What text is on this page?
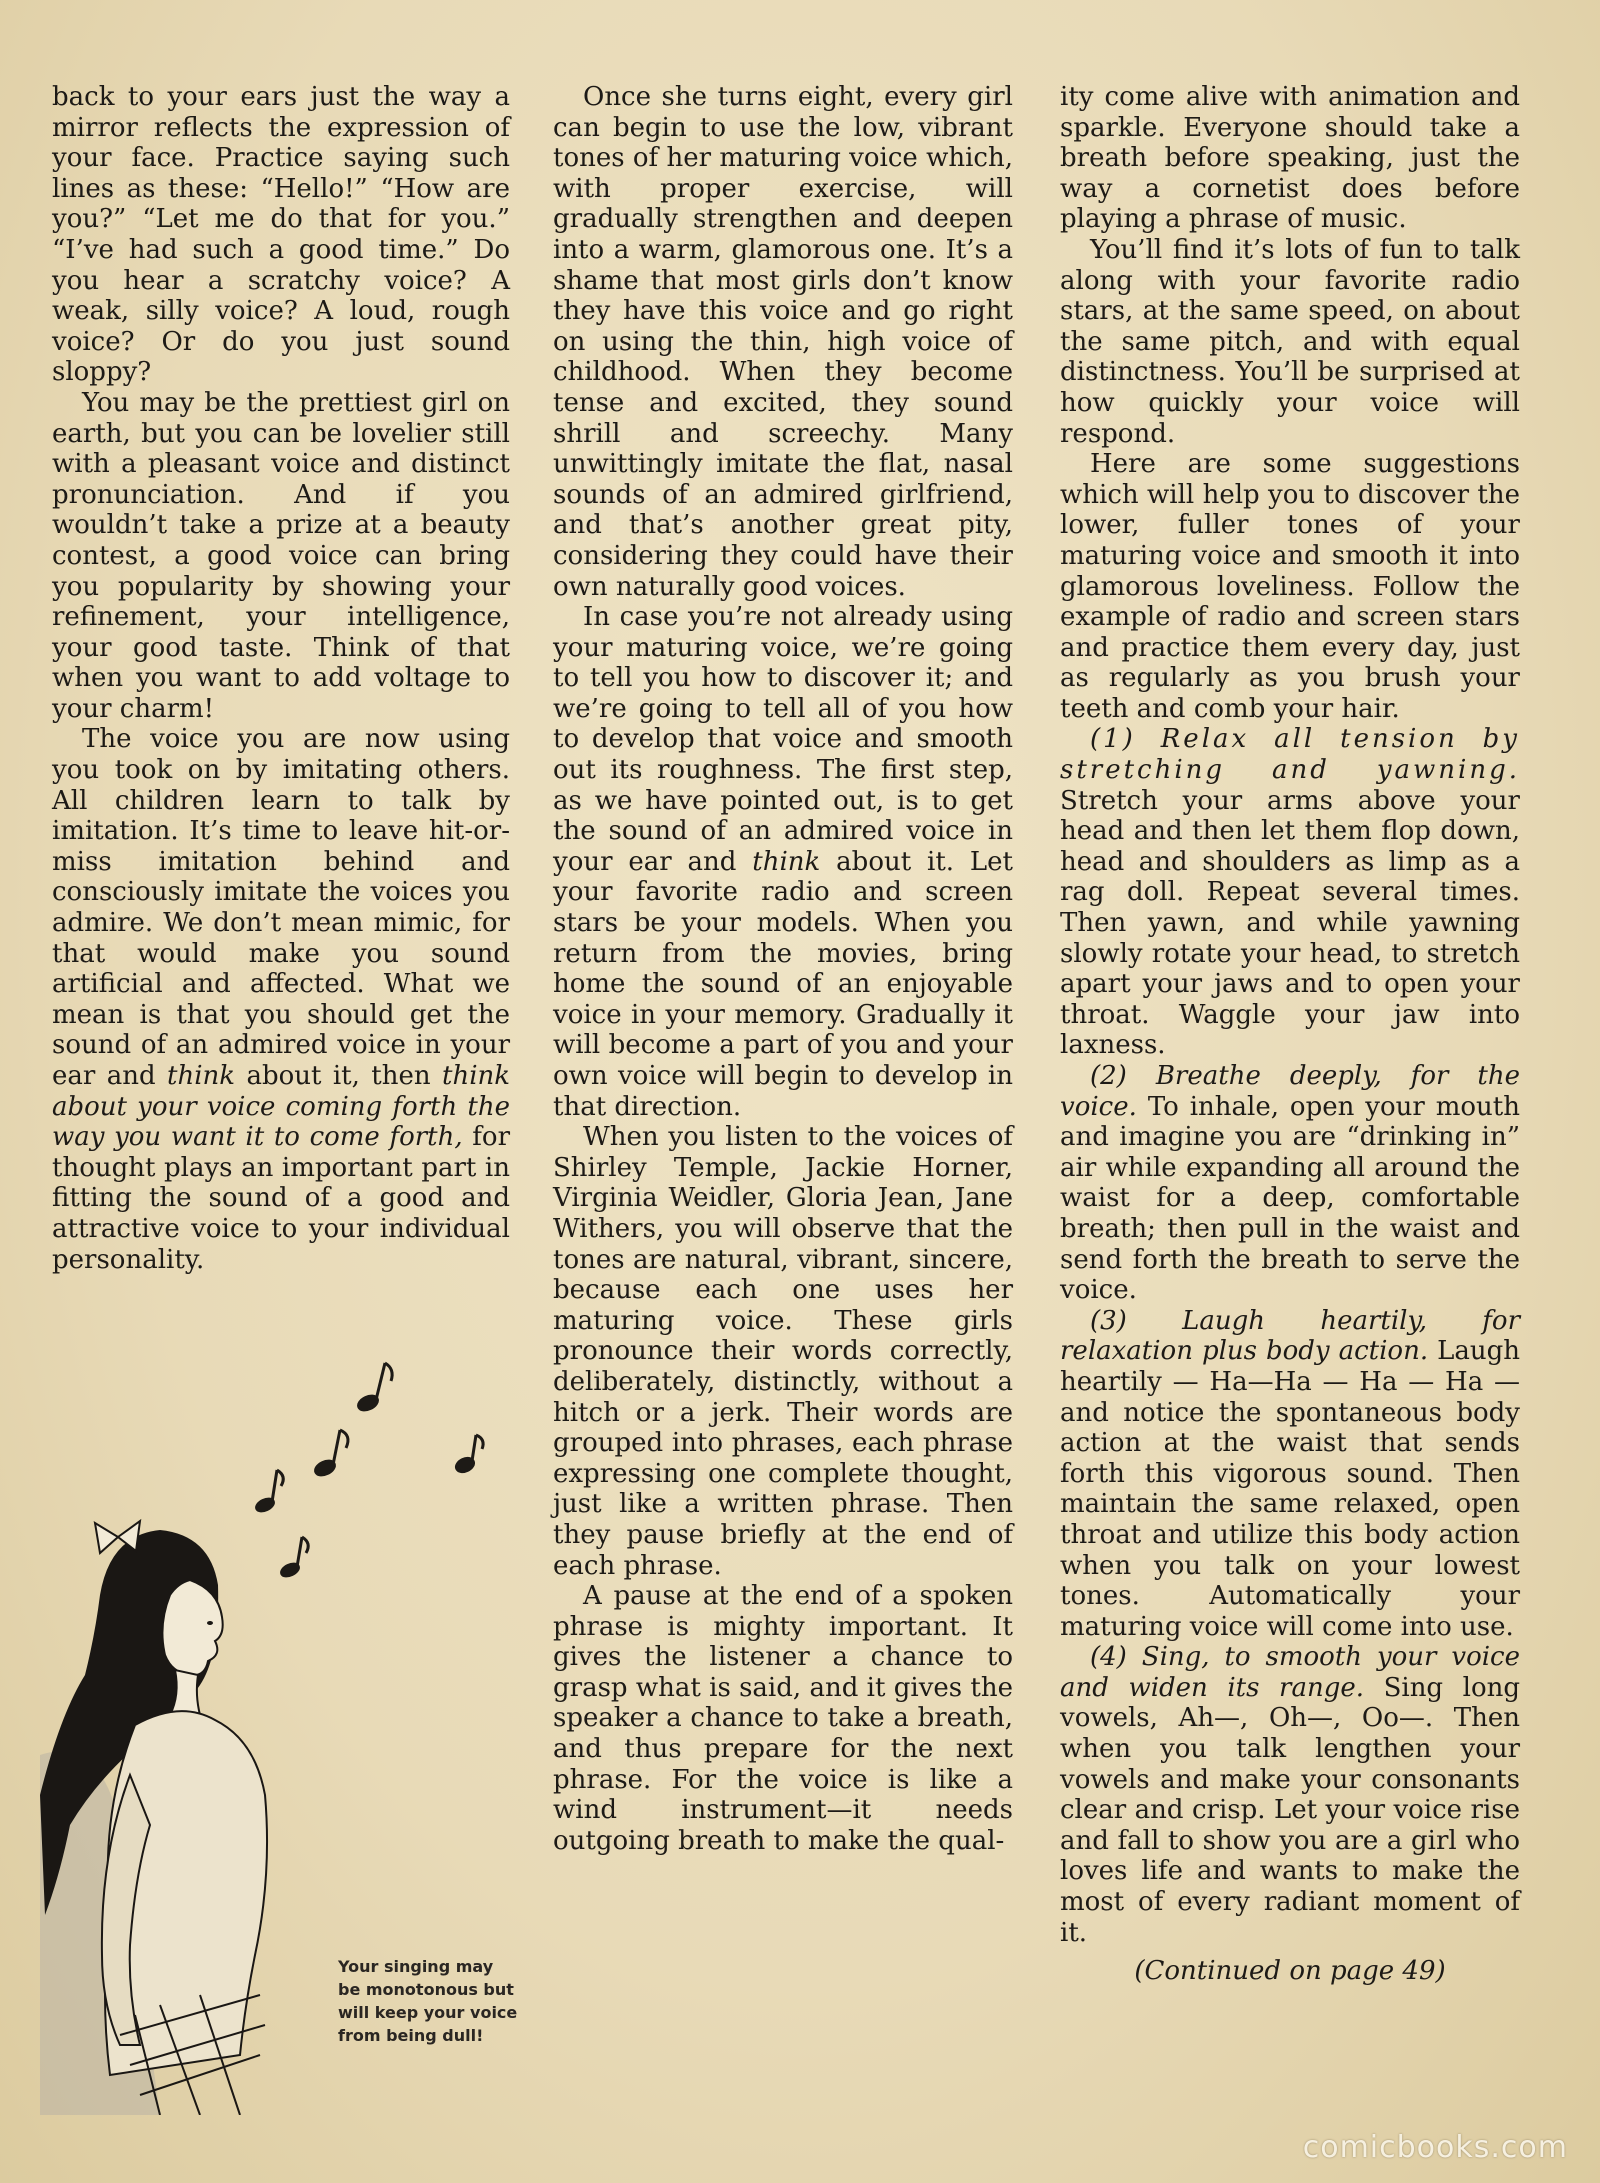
back to your ears just the way a mirror reflects the expression of your face. Practice saying such lines as these: “Hello!” “How are you?” “Let me do that for you.” “I’ve had such a good time.” Do you hear a scratchy voice? A weak, silly voice? A loud, rough voice? Or do you just sound sloppy?

You may be the prettiest girl on earth, but you can be lovelier still with a pleasant voice and distinct pronunciation. And if you wouldn’t take a prize at a beauty contest, a good voice can bring you popularity by showing your refinement, your intelligence, your good taste. Think of that when you want to add voltage to your charm!

The voice you are now using you took on by imitating others. All children learn to talk by imitation. It’s time to leave hit-or-miss imitation behind and consciously imitate the voices you admire. We don’t mean mimic, for that would make you sound artificial and affected. What we mean is that you should get the sound of an admired voice in your ear and think about it, then think about your voice coming forth the way you want it to come forth, for thought plays an important part in fitting the sound of a good and attractive voice to your individual personality.

Once she turns eight, every girl can begin to use the low, vibrant tones of her maturing voice which, with proper exercise, will gradually strengthen and deepen into a warm, glamorous one. It’s a shame that most girls don’t know they have this voice and go right on using the thin, high voice of childhood. When they become tense and excited, they sound shrill and screechy. Many unwittingly imitate the flat, nasal sounds of an admired girlfriend, and that’s another great pity, considering they could have their own naturally good voices.

In case you’re not already using your maturing voice, we’re going to tell you how to discover it; and we’re going to tell all of you how to develop that voice and smooth out its roughness. The first step, as we have pointed out, is to get the sound of an admired voice in your ear and think about it. Let your favorite radio and screen stars be your models. When you return from the movies, bring home the sound of an enjoyable voice in your memory. Gradually it will become a part of you and your own voice will begin to develop in that direction.

When you listen to the voices of Shirley Temple, Jackie Horner, Virginia Weidler, Gloria Jean, Jane Withers, you will observe that the tones are natural, vibrant, sincere, because each one uses her maturing voice. These girls pronounce their words correctly, deliberately, distinctly, without a hitch or a jerk. Their words are grouped into phrases, each phrase expressing one complete thought, just like a written phrase. Then they pause briefly at the end of each phrase.

A pause at the end of a spoken phrase is mighty important. It gives the listener a chance to grasp what is said, and it gives the speaker a chance to take a breath, and thus prepare for the next phrase. For the voice is like a wind instrument—it needs outgoing breath to make the qual-

ity come alive with animation and sparkle. Everyone should take a breath before speaking, just the way a cornetist does before playing a phrase of music.

You’ll find it’s lots of fun to talk along with your favorite radio stars, at the same speed, on about the same pitch, and with equal distinctness. You’ll be surprised at how quickly your voice will respond.

Here are some suggestions which will help you to discover the lower, fuller tones of your maturing voice and smooth it into glamorous loveliness. Follow the example of radio and screen stars and practice them every day, just as regularly as you brush your teeth and comb your hair.

(1) Relax all tension by stretching and yawning. Stretch your arms above your head and then let them flop down, head and shoulders as limp as a rag doll. Repeat several times. Then yawn, and while yawning slowly rotate your head, to stretch apart your jaws and to open your throat. Waggle your jaw into laxness.

(2) Breathe deeply, for the voice. To inhale, open your mouth and imagine you are “drinking in” air while expanding all around the waist for a deep, comfortable breath; then pull in the waist and send forth the breath to serve the voice.

(3) Laugh heartily, for relaxation plus body action. Laugh heartily — Ha—Ha — Ha — Ha —and notice the spontaneous body action at the waist that sends forth this vigorous sound. Then maintain the same relaxed, open throat and utilize this body action when you talk on your lowest tones. Automatically your maturing voice will come into use.

(4) Sing, to smooth your voice and widen its range. Sing long vowels, Ah—, Oh—, Oo—. Then when you talk lengthen your vowels and make your consonants clear and crisp. Let your voice rise and fall to show you are a girl who loves life and wants to make the most of every radiant moment of it.

(Continued on page 49)

Your singing may be monotonous but will keep your voice from being dull!
comicbooks.com
